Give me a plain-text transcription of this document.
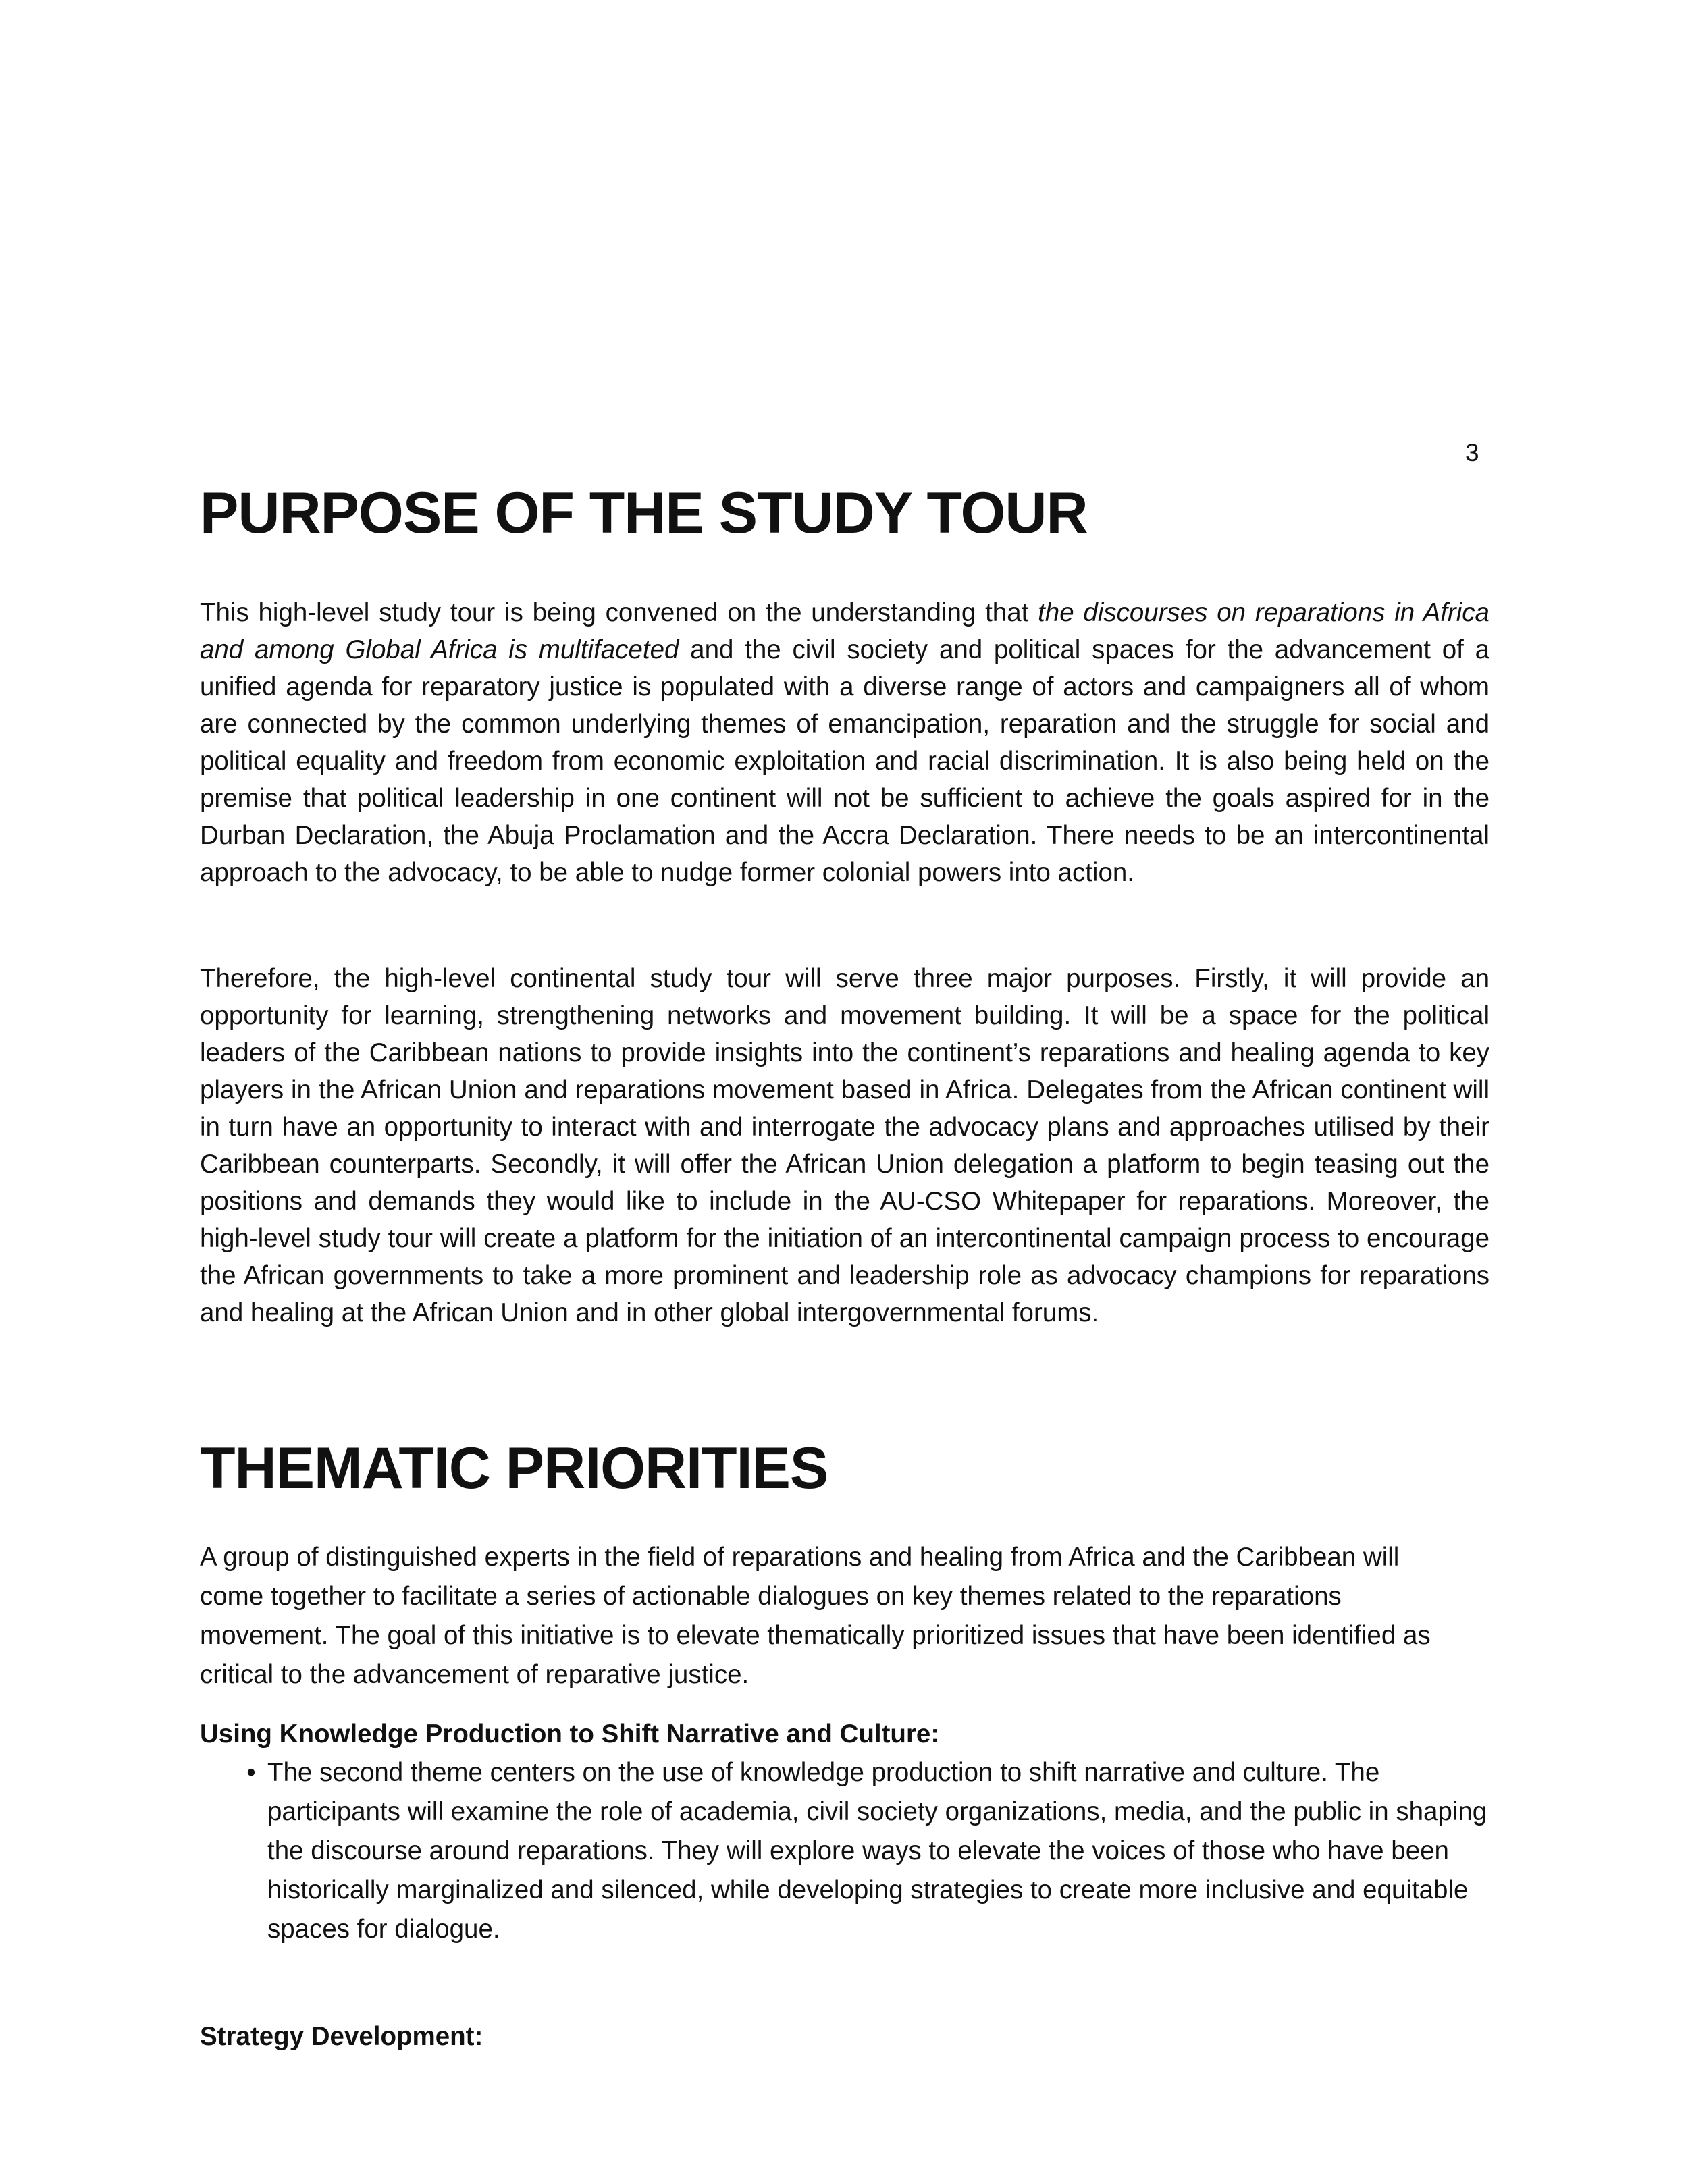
3
PURPOSE OF THE STUDY TOUR

This high-level study tour is being convened on the understanding that the discourses on reparations in Africa and among Global Africa is multifaceted and the civil society and political spaces for the advancement of a unified agenda for reparatory justice is populated with a diverse range of actors and campaigners all of whom are connected by the common underlying themes of emancipation, reparation and the struggle for social and political equality and freedom from economic exploitation and racial discrimination. It is also being held on the premise that political leadership in one continent will not be sufficient to achieve the goals aspired for in the Durban Declaration, the Abuja Proclamation and the Accra Declaration. There needs to be an intercontinental approach to the advocacy, to be able to nudge former colonial powers into action.

Therefore, the high-level continental study tour will serve three major purposes. Firstly, it will provide an opportunity for learning, strengthening networks and movement building. It will be a space for the political leaders of the Caribbean nations to provide insights into the continent’s reparations and healing agenda to key players in the African Union and reparations movement based in Africa. Delegates from the African continent will in turn have an opportunity to interact with and interrogate the advocacy plans and approaches utilised by their Caribbean counterparts. Secondly, it will offer the African Union delegation a platform to begin teasing out the positions and demands they would like to include in the AU-CSO Whitepaper for reparations. Moreover, the high-level study tour will create a platform for the initiation of an intercontinental campaign process to encourage the African governments to take a more prominent and leadership role as advocacy champions for reparations and healing at the African Union and in other global intergovernmental forums.

THEMATIC PRIORITIES

A group of distinguished experts in the field of reparations and healing from Africa and the Caribbean will come together to facilitate a series of actionable dialogues on key themes related to the reparations movement. The goal of this initiative is to elevate thematically prioritized issues that have been identified as critical to the advancement of reparative justice.

Using Knowledge Production to Shift Narrative and Culture:

• The second theme centers on the use of knowledge production to shift narrative and culture. The participants will examine the role of academia, civil society organizations, media, and the public in shaping the discourse around reparations. They will explore ways to elevate the voices of those who have been historically marginalized and silenced, while developing strategies to create more inclusive and equitable spaces for dialogue.

Strategy Development:
